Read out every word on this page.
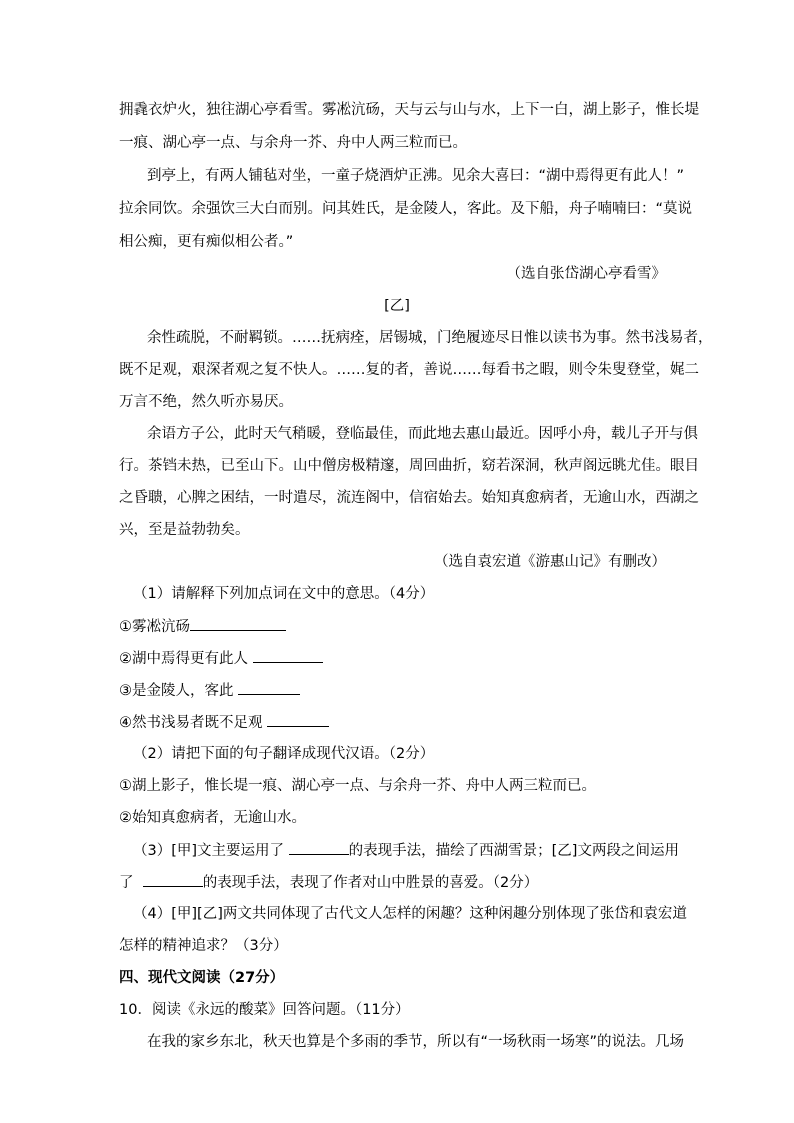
拥毳衣炉火，独往湖心亭看雪。雾凇沆砀，天与云与山与水，上下一白，湖上影子，惟长堤
一痕、湖心亭一点、与余舟一芥、舟中人两三粒而已。
到亭上，有两人铺毡对坐，一童子烧酒炉正沸。见余大喜曰：“湖中焉得更有此人！”
拉余同饮。余强饮三大白而别。问其姓氏，是金陵人，客此。及下船，舟子喃喃曰：“莫说
相公痴，更有痴似相公者。”
（选自张岱湖心亭看雪》
[乙]
余性疏脱，不耐羁锁。……抚病痊，居锡城，门绝履迹尽日惟以读书为事。然书浅易者，
既不足观，艰深者观之复不快人。……复的者，善说……每看书之暇，则令朱叟登堂，娓二
万言不绝，然久听亦易厌。
余语方子公，此时天气稍暖，登临最佳，而此地去惠山最近。因呼小舟，载儿子开与俱
行。茶铛未热，已至山下。山中僧房极精邃，周回曲折，窈若深洞，秋声阁远眺尤佳。眼目
之昏聩，心脾之困结，一时遣尽，流连阁中，信宿始去。始知真愈病者，无逾山水，西湖之
兴，至是益勃勃矣。
（选自袁宏道《游惠山记》有删改）
（1）请解释下列加点词在文中的意思。（4分）
①雾凇沆砀
②湖中焉得更有此人
③是金陵人，客此
④然书浅易者既不足观
（2）请把下面的句子翻译成现代汉语。（2分）
①湖上影子，惟长堤一痕、湖心亭一点、与余舟一芥、舟中人两三粒而已。
②始知真愈病者，无逾山水。
（3）[甲]文主要运用了	的表现手法，描绘了西湖雪景；[乙]文两段之间运用
了	的表现手法，表现了作者对山中胜景的喜爱。（2分）
（4）[甲][乙]两文共同体现了古代文人怎样的闲趣？这种闲趣分别体现了张岱和袁宏道
怎样的精神追求？（3分）
四、现代文阅读（27分）
10．阅读《永远的酸菜》回答问题。（11分）
在我的家乡东北，秋天也算是个多雨的季节，所以有“一场秋雨一场寒”的说法。几场
